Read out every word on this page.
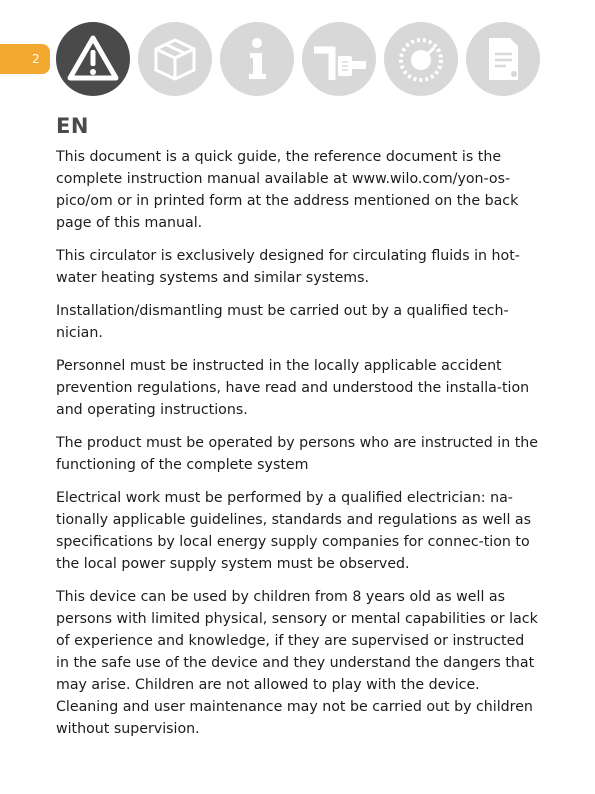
2
EN

This document is a quick guide, the reference document is the complete instruction manual available at www.wilo.com/yon-os-pico/om or in printed form at the address mentioned on the back page of this manual.

This circulator is exclusively designed for circulating fluids in hot-water heating systems and similar systems.

Installation/dismantling must be carried out by a qualified tech-nician.

Personnel must be instructed in the locally applicable accident prevention regulations, have read and understood the installa-tion and operating instructions.

The product must be operated by persons who are instructed in the functioning of the complete system

Electrical work must be performed by a qualified electrician: na-tionally applicable guidelines, standards and regulations as well as specifications by local energy supply companies for connec-tion to the local power supply system must be observed.

This device can be used by children from 8 years old as well as persons with limited physical, sensory or mental capabilities or lack of experience and knowledge, if they are supervised or instructed in the safe use of the device and they understand the dangers that may arise. Children are not allowed to play with the device. Cleaning and user maintenance may not be carried out by children without supervision.
